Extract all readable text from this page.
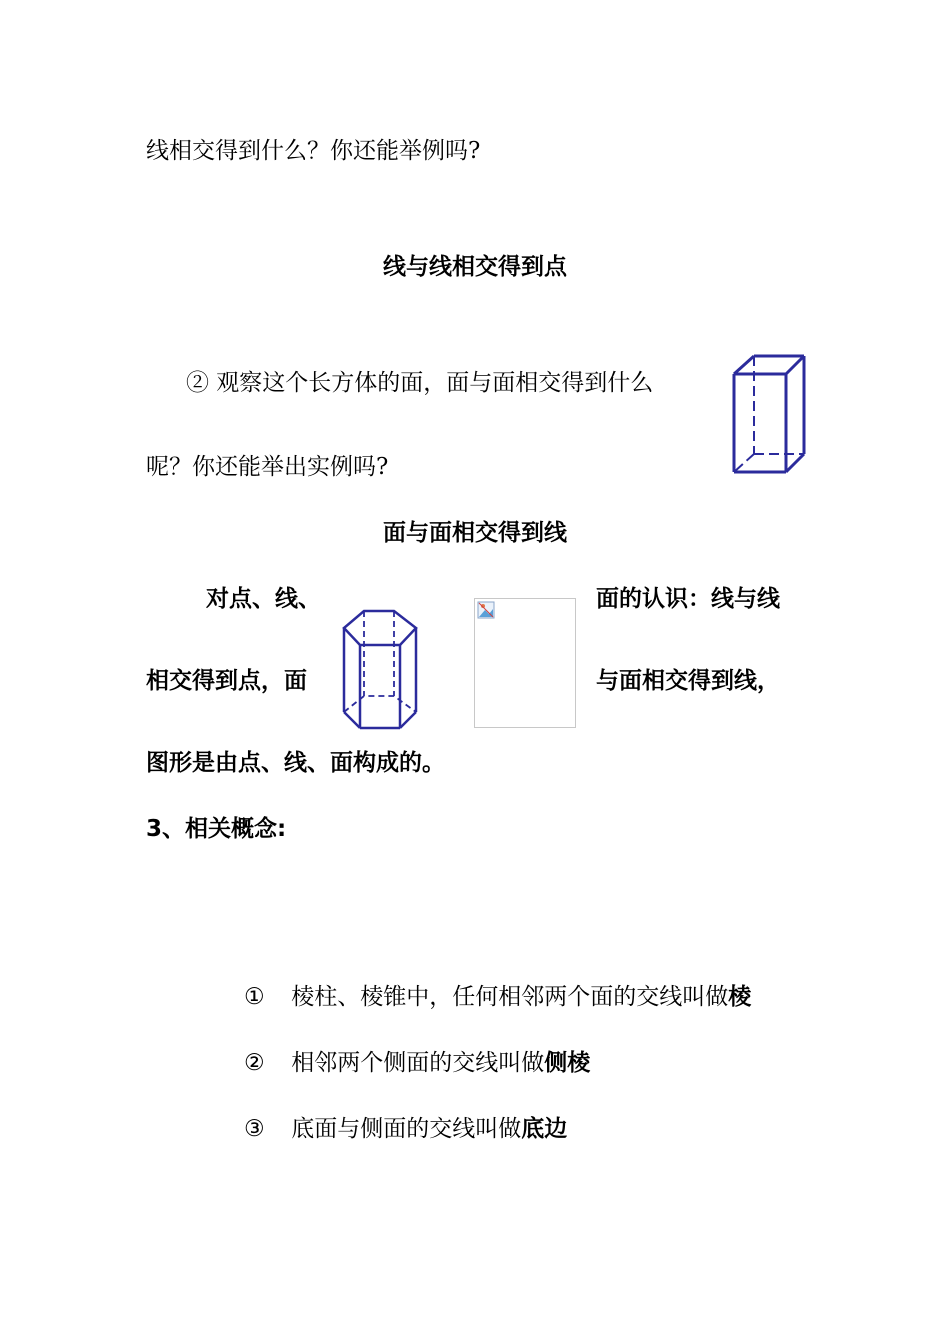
线相交得到什么？你还能举例吗?
线与线相交得到点
② 观察这个长方体的面，面与面相交得到什么
呢？你还能举出实例吗?
面与面相交得到线
对点、线、	面的认识：线与线
相交得到点，面	与面相交得到线，
图形是由点、线、面构成的。
3、相关概念:
① 棱柱、棱锥中，任何相邻两个面的交线叫做棱
② 相邻两个侧面的交线叫做侧棱
③ 底面与侧面的交线叫做底边
